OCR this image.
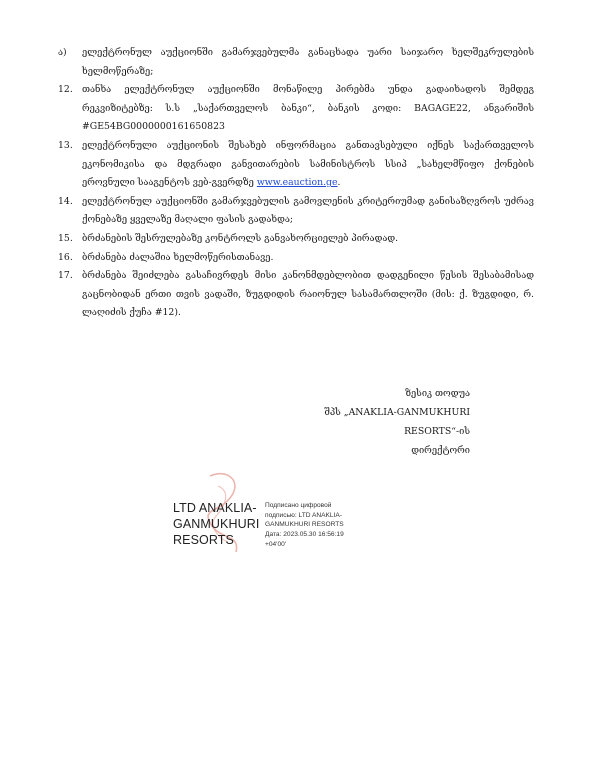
ა)	ელექტრონულ აუქციონში გამარჯვებულმა განაცხადა უარი საიჯარო ხელშეკრულების ხელმოწერაზე;
12. თანხა ელექტრონულ აუქციონში მონაწილე პირებმა უნდა გადაიხადოს შემდეგ რეკვიზიტებზე: ს.ს „საქართველოს ბანკი“, ბანკის კოდი: BAGAGE22, ანგარიშის #GE54BG0000000161650823
13. ელექტრონული აუქციონის შესახებ ინფორმაცია განთავსებული იქნეს საქართველოს ეკონომიკისა და მდგრადი განვითარების სამინისტროს სსიპ „სახელმწიფო ქონების ეროვნული სააგენტოს ვებ-გვერდზე www.eauction.ge.
14. ელექტრონულ აუქციონში გამარჯვებულის გამოვლენის კრიტერიუმად განისაზღვროს უძრავ ქონებაზე ყველაზე მაღალი ფასის გადახდა;
15. ბრძანების შესრულებაზე კონტროლს განვახორციელებ პირადად.
16. ბრძანება ძალაშია ხელმოწერისთანავე.
17. ბრძანება შეიძლება გასაჩივრდეს მისი კანონმდებლობით დადგენილი წესის შესაბამისად გაცნობიდან ერთი თვის ვადაში, ზუგდიდის რაიონულ სასამართლოში (მის: ქ. ზუგდიდი, რ. ლაღიძის ქუჩა #12).
ზესიკ თოდუა
შპს „ANAKLIA-GANMUKHURI RESORTS“-ის
დირექტორი
LTD ANAKLIA-
GANMUKHURI
RESORTS
Подписано цифровой
подписью: LTD ANAKLIA-
GANMUKHURI RESORTS
Дата: 2023.05.30 16:56:19
+04'00'
